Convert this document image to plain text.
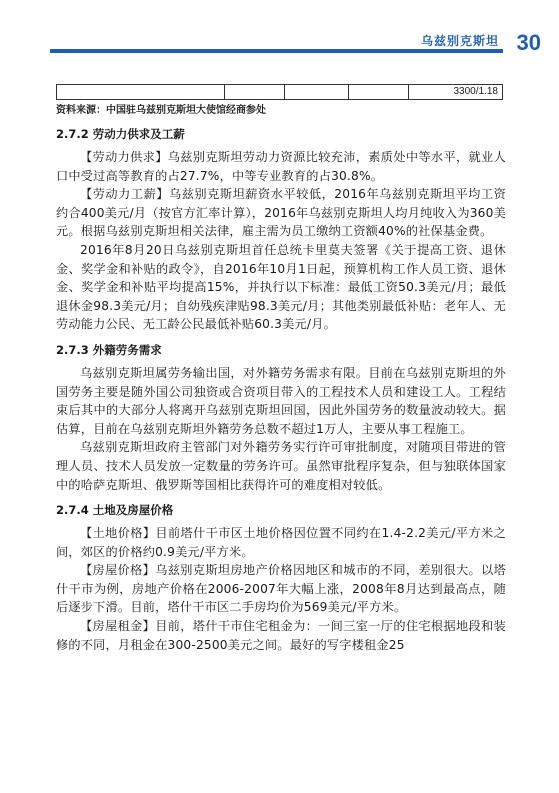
乌兹别克斯坦 30
3300/1.18

资料来源：中国驻乌兹别克斯坦大使馆经商参处

2.7.2 劳动力供求及工薪

【劳动力供求】乌兹别克斯坦劳动力资源比较充沛，素质处中等水平，就业人口中受过高等教育的占27.7%，中等专业教育的占30.8%。

【劳动力工薪】乌兹别克斯坦薪资水平较低，2016年乌兹别克斯坦平均工资约合400美元/月（按官方汇率计算），2016年乌兹别克斯坦人均月纯收入为360美元。根据乌兹别克斯坦相关法律，雇主需为员工缴纳工资额40%的社保基金费。

2016年8月20日乌兹别克斯坦首任总统卡里莫夫签署《关于提高工资、退休金、奖学金和补贴的政令》，自2016年10月1日起，预算机构工作人员工资、退休金、奖学金和补贴平均提高15%，并执行以下标准：最低工资50.3美元/月；最低退休金98.3美元/月；自幼残疾津贴98.3美元/月；其他类别最低补贴：老年人、无劳动能力公民、无工龄公民最低补贴60.3美元/月。

2.7.3 外籍劳务需求

乌兹别克斯坦属劳务输出国，对外籍劳务需求有限。目前在乌兹别克斯坦的外国劳务主要是随外国公司独资或合资项目带入的工程技术人员和建设工人。工程结束后其中的大部分人将离开乌兹别克斯坦回国，因此外国劳务的数量波动较大。据估算，目前在乌兹别克斯坦外籍劳务总数不超过1万人，主要从事工程施工。

乌兹别克斯坦政府主管部门对外籍劳务实行许可审批制度，对随项目带进的管理人员、技术人员发放一定数量的劳务许可。虽然审批程序复杂，但与独联体国家中的哈萨克斯坦、俄罗斯等国相比获得许可的难度相对较低。

2.7.4 土地及房屋价格

【土地价格】目前塔什干市区土地价格因位置不同约在1.4-2.2美元/平方米之间，郊区的价格约0.9美元/平方米。

【房屋价格】乌兹别克斯坦房地产价格因地区和城市的不同，差别很大。以塔什干市为例，房地产价格在2006-2007年大幅上涨，2008年8月达到最高点，随后逐步下滑。目前，塔什干市区二手房均价为569美元/平方米。

【房屋租金】目前，塔什干市住宅租金为：一间三室一厅的住宅根据地段和装修的不同，月租金在300-2500美元之间。最好的写字楼租金25
